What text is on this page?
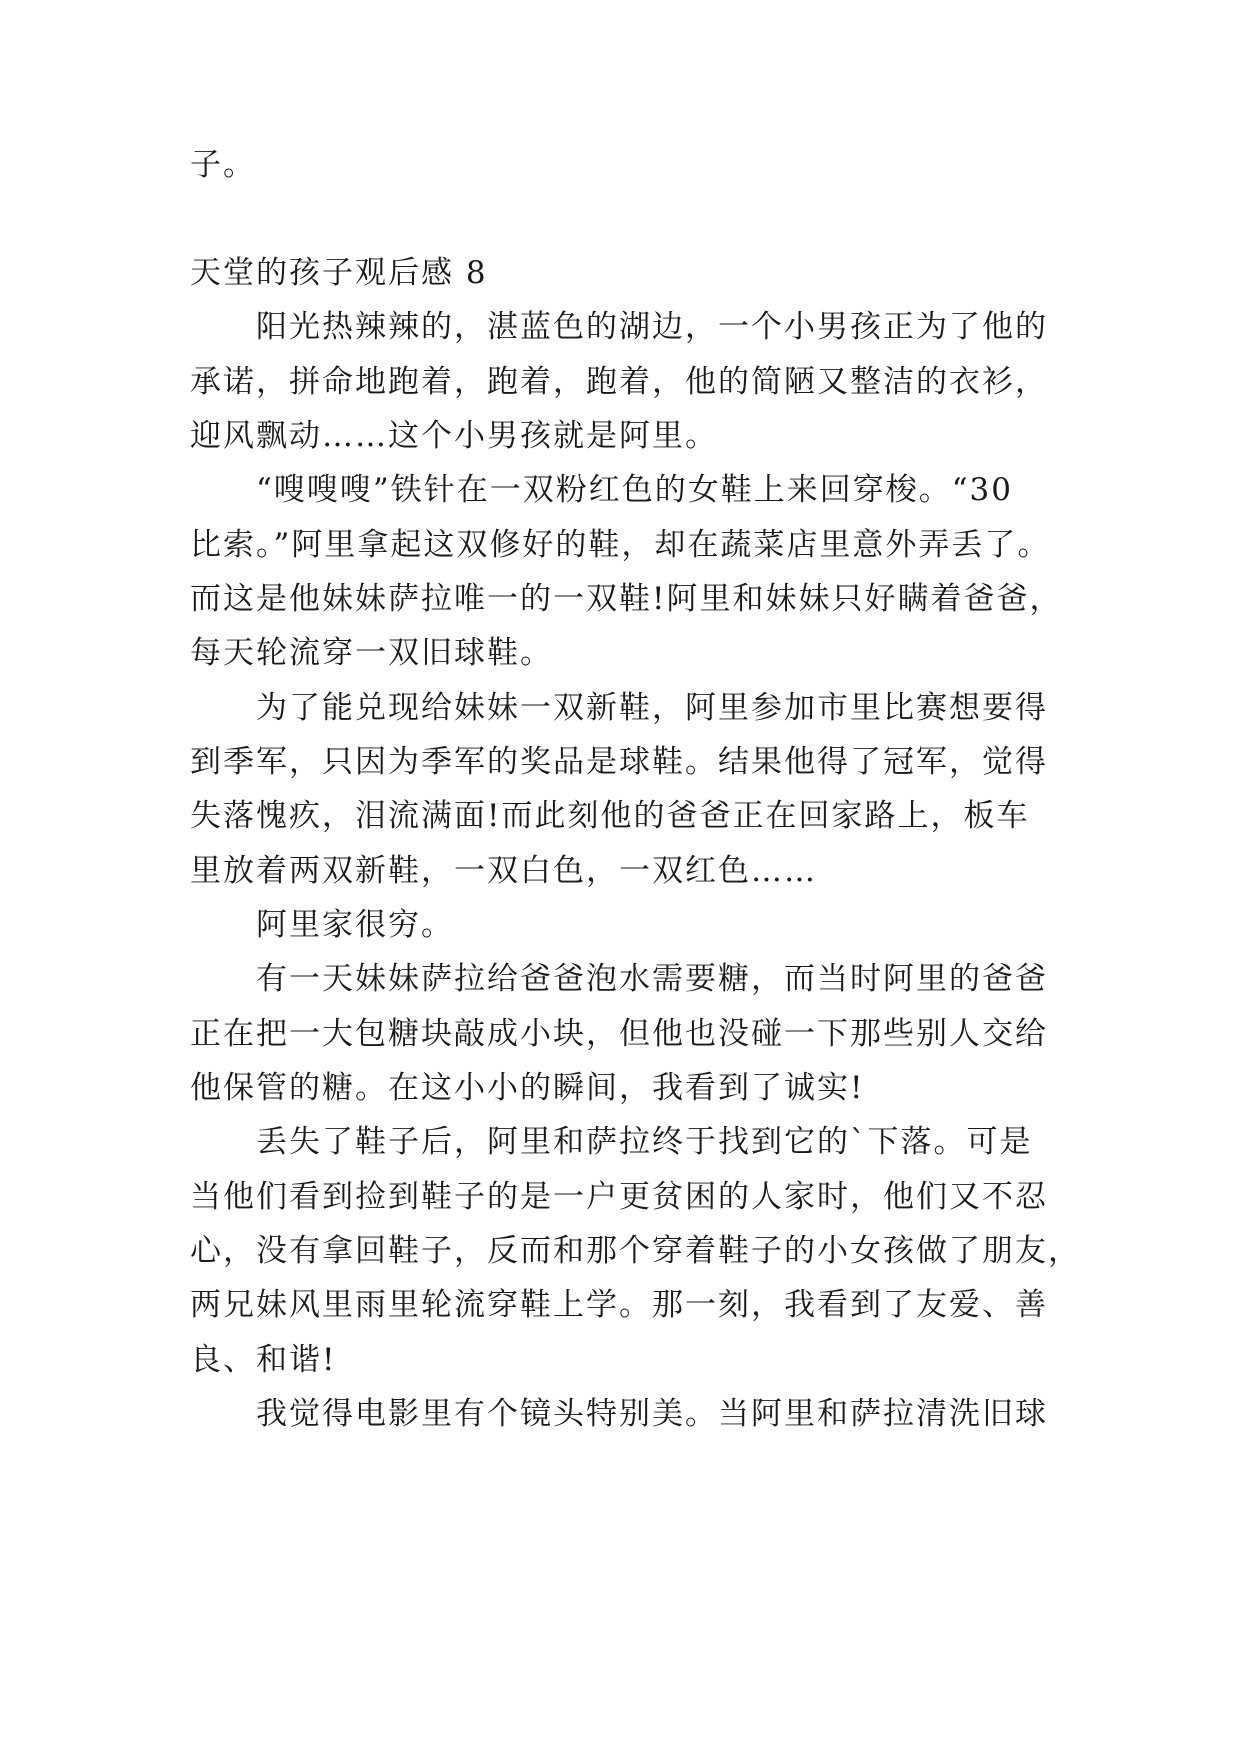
子。
天堂的孩子观后感 8
阳光热辣辣的，湛蓝色的湖边，一个小男孩正为了他的
承诺，拼命地跑着，跑着，跑着，他的简陋又整洁的衣衫，
迎风飘动……这个小男孩就是阿里。
“嗖嗖嗖”铁针在一双粉红色的女鞋上来回穿梭。“30
比索。”阿里拿起这双修好的鞋，却在蔬菜店里意外弄丢了。
而这是他妹妹萨拉唯一的一双鞋!阿里和妹妹只好瞒着爸爸，
每天轮流穿一双旧球鞋。
为了能兑现给妹妹一双新鞋，阿里参加市里比赛想要得
到季军，只因为季军的奖品是球鞋。结果他得了冠军，觉得
失落愧疚，泪流满面!而此刻他的爸爸正在回家路上，板车
里放着两双新鞋，一双白色，一双红色……
阿里家很穷。
有一天妹妹萨拉给爸爸泡水需要糖，而当时阿里的爸爸
正在把一大包糖块敲成小块，但他也没碰一下那些别人交给
他保管的糖。在这小小的瞬间，我看到了诚实!
丢失了鞋子后，阿里和萨拉终于找到它的`下落。可是
当他们看到捡到鞋子的是一户更贫困的人家时，他们又不忍
心，没有拿回鞋子，反而和那个穿着鞋子的小女孩做了朋友，
两兄妹风里雨里轮流穿鞋上学。那一刻，我看到了友爱、善
良、和谐!
我觉得电影里有个镜头特别美。当阿里和萨拉清洗旧球
